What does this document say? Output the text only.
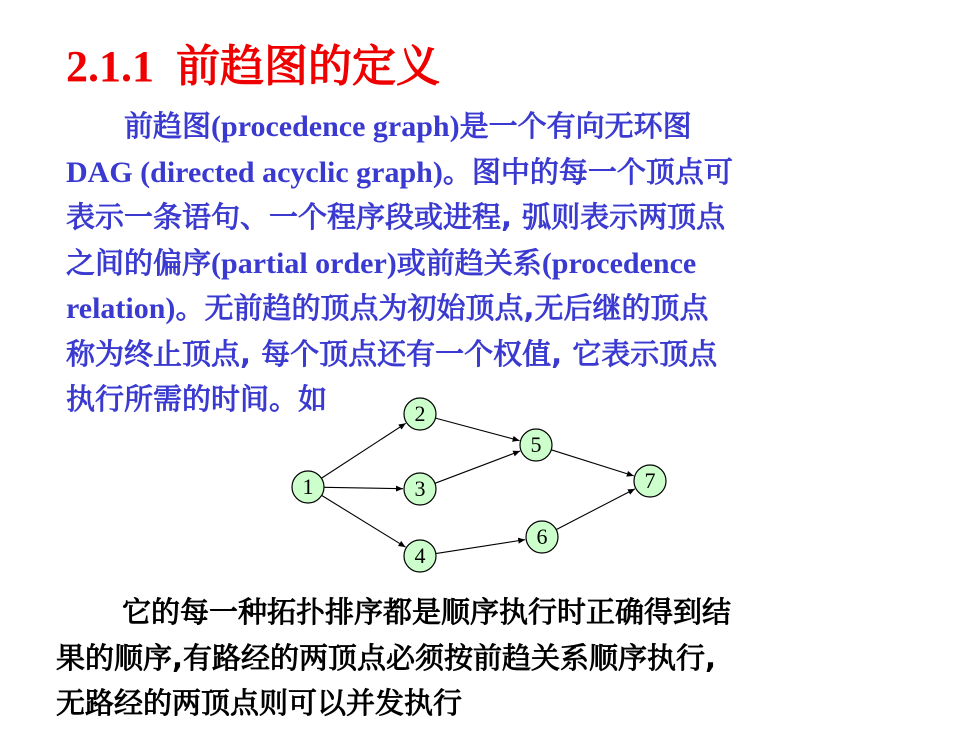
2.1.1 前趋图的定义
前趋图(procedence graph)是一个有向无环图
DAG (directed acyclic graph)。图中的每一个顶点可
表示一条语句、一个程序段或进程, 弧则表示两顶点
之间的偏序(partial order)或前趋关系(procedence
relation)。无前趋的顶点为初始顶点,无后继的顶点
称为终止顶点, 每个顶点还有一个权值, 它表示顶点
执行所需的时间。如
1
2
3
4
5
6
7
它的每一种拓扑排序都是顺序执行时正确得到结
果的顺序,有路经的两顶点必须按前趋关系顺序执行,
无路经的两顶点则可以并发执行
